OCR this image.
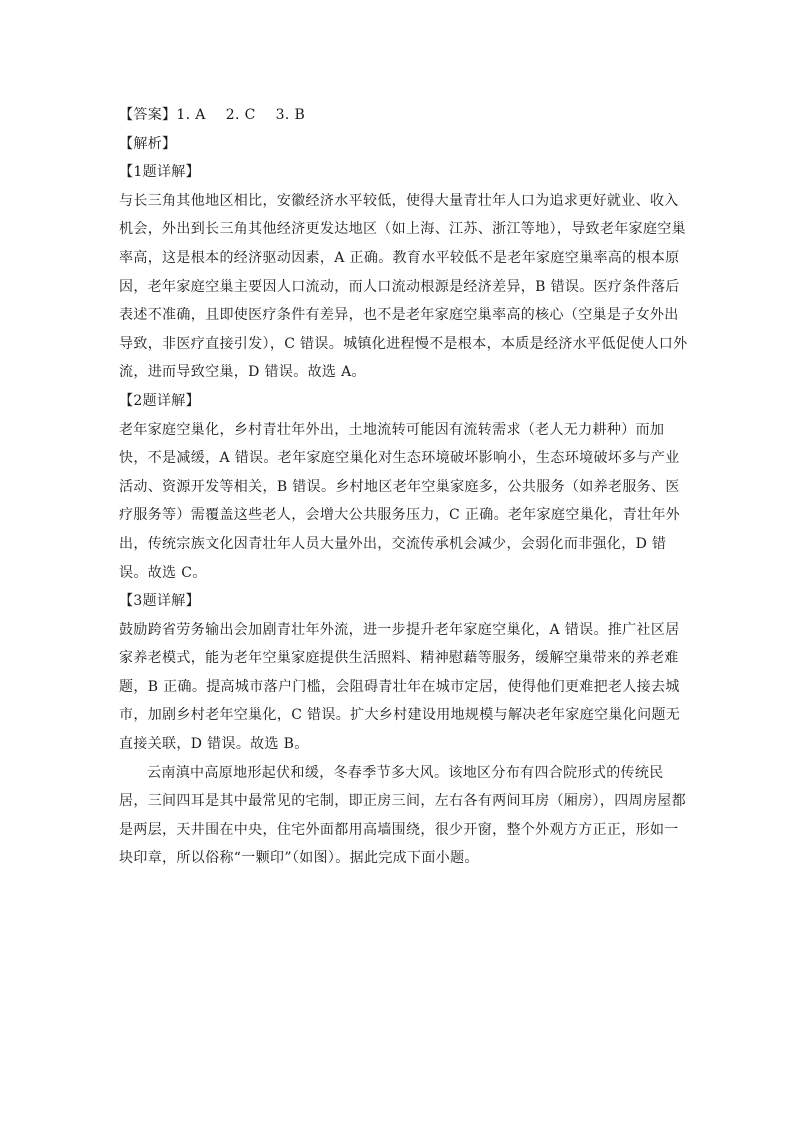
【答案】1. A 2. C 3. B
【解析】
【1题详解】
与长三角其他地区相比，安徽经济水平较低，使得大量青壮年人口为追求更好就业、收入
机会，外出到长三角其他经济更发达地区（如上海、江苏、浙江等地），导致老年家庭空巢
率高，这是根本的经济驱动因素，A 正确。教育水平较低不是老年家庭空巢率高的根本原
因，老年家庭空巢主要因人口流动，而人口流动根源是经济差异，B 错误。医疗条件落后
表述不准确，且即使医疗条件有差异，也不是老年家庭空巢率高的核心（空巢是子女外出
导致，非医疗直接引发），C 错误。城镇化进程慢不是根本，本质是经济水平低促使人口外
流，进而导致空巢，D 错误。故选 A。
【2题详解】
老年家庭空巢化，乡村青壮年外出，土地流转可能因有流转需求（老人无力耕种）而加
快，不是减缓，A 错误。老年家庭空巢化对生态环境破坏影响小，生态环境破坏多与产业
活动、资源开发等相关，B 错误。乡村地区老年空巢家庭多，公共服务（如养老服务、医
疗服务等）需覆盖这些老人，会增大公共服务压力，C 正确。老年家庭空巢化，青壮年外
出，传统宗族文化因青壮年人员大量外出，交流传承机会减少，会弱化而非强化，D 错
误。故选 C。
【3题详解】
鼓励跨省劳务输出会加剧青壮年外流，进一步提升老年家庭空巢化，A 错误。推广社区居
家养老模式，能为老年空巢家庭提供生活照料、精神慰藉等服务，缓解空巢带来的养老难
题，B 正确。提高城市落户门槛，会阻碍青壮年在城市定居，使得他们更难把老人接去城
市，加剧乡村老年空巢化，C 错误。扩大乡村建设用地规模与解决老年家庭空巢化问题无
直接关联，D 错误。故选 B。
云南滇中高原地形起伏和缓，冬春季节多大风。该地区分布有四合院形式的传统民
居，三间四耳是其中最常见的宅制，即正房三间，左右各有两间耳房（厢房），四周房屋都
是两层，天井围在中央，住宅外面都用高墙围绕，很少开窗，整个外观方方正正，形如一
块印章，所以俗称“一颗印”（如图）。据此完成下面小题。
